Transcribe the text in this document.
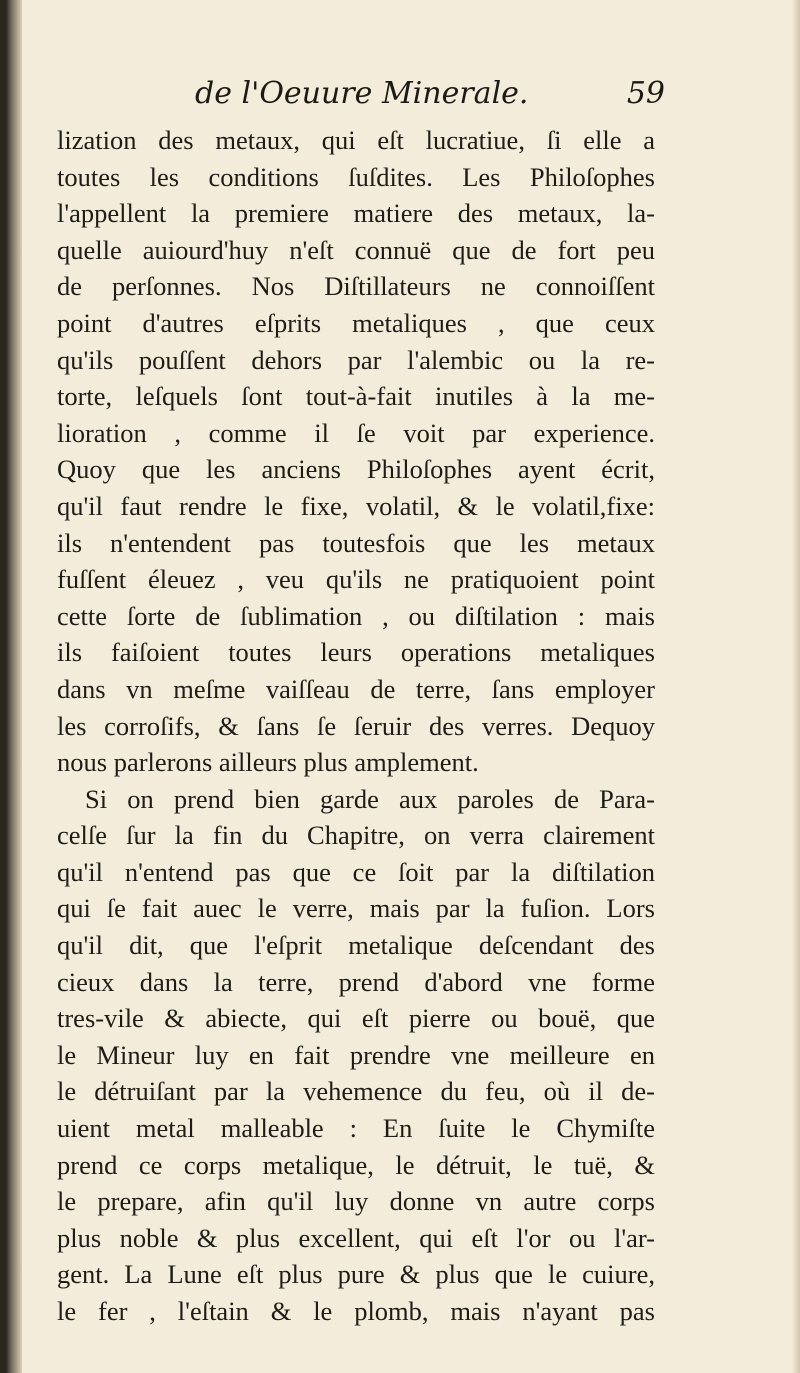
de l'Oeuure Minerale.	59
lization des metaux, qui eſt lucratiue, ſi elle a
toutes les conditions ſuſdites. Les Philoſophes
l'appellent la premiere matiere des metaux, la-
quelle auiourd'huy n'eſt connuë que de fort peu
de perſonnes. Nos Diſtillateurs ne connoiſſent
point d'autres eſprits metaliques , que ceux
qu'ils pouſſent dehors par l'alembic ou la re-
torte, leſquels ſont tout-à-fait inutiles à la me-
lioration , comme il ſe voit par experience.
Quoy que les anciens Philoſophes ayent écrit,
qu'il faut rendre le fixe, volatil, & le volatil,fixe:
ils n'entendent pas toutesfois que les metaux
fuſſent éleuez , veu qu'ils ne pratiquoient point
cette ſorte de ſublimation , ou diſtilation : mais
ils faiſoient toutes leurs operations metaliques
dans vn meſme vaiſſeau de terre, ſans employer
les corroſifs, & ſans ſe ſeruir des verres. Dequoy
nous parlerons ailleurs plus amplement.
Si on prend bien garde aux paroles de Para-
celſe ſur la fin du Chapitre, on verra clairement
qu'il n'entend pas que ce ſoit par la diſtilation
qui ſe fait auec le verre, mais par la fuſion. Lors
qu'il dit, que l'eſprit metalique deſcendant des
cieux dans la terre, prend d'abord vne forme
tres-vile & abiecte, qui eſt pierre ou bouë, que
le Mineur luy en fait prendre vne meilleure en
le détruiſant par la vehemence du feu, où il de-
uient metal malleable : En ſuite le Chymiſte
prend ce corps metalique, le détruit, le tuë, &
le prepare, afin qu'il luy donne vn autre corps
plus noble & plus excellent, qui eſt l'or ou l'ar-
gent. La Lune eſt plus pure & plus que le cuiure,
le fer , l'eſtain & le plomb, mais n'ayant pas
